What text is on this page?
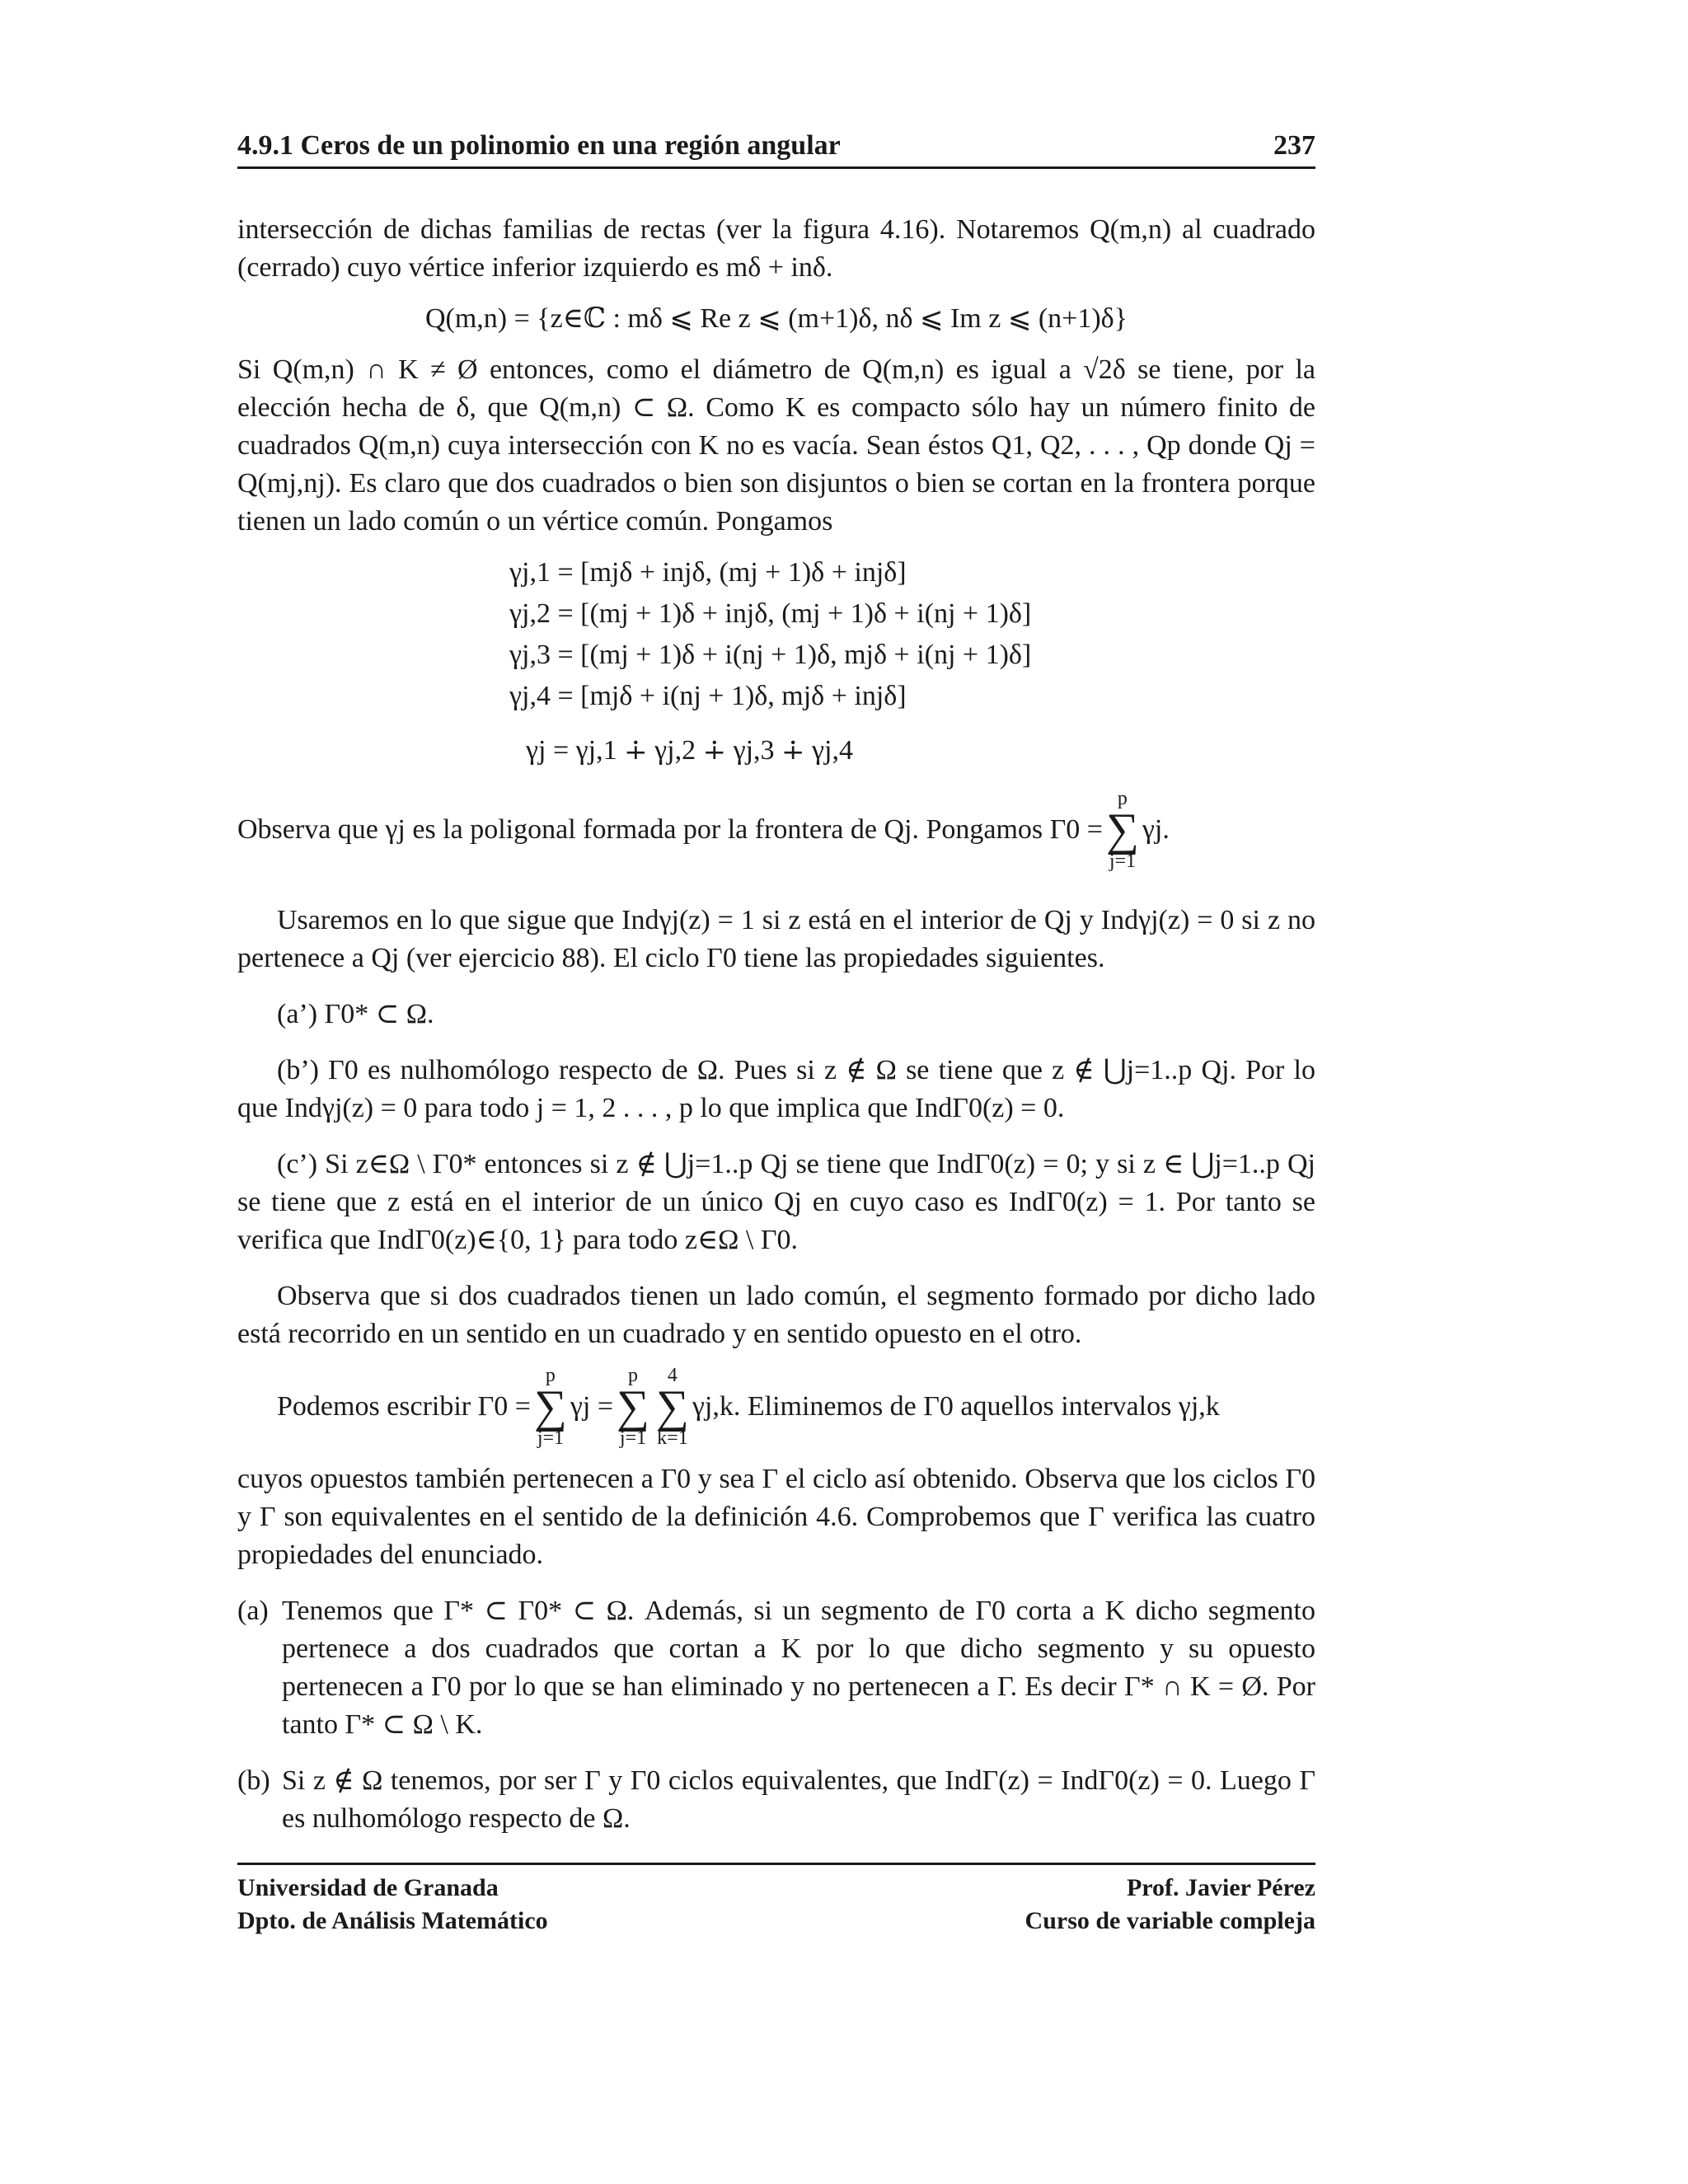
4.9.1 Ceros de un polinomio en una región angular	237

intersección de dichas familias de rectas (ver la figura 4.16). Notaremos Q(m,n) al cuadrado (cerrado) cuyo vértice inferior izquierdo es mδ + inδ.

Q(m,n) = {z∈ℂ : mδ ⩽ Re z ⩽ (m+1)δ, nδ ⩽ Im z ⩽ (n+1)δ}

Si Q(m,n) ∩ K ≠ Ø entonces, como el diámetro de Q(m,n) es igual a √2δ se tiene, por la elección hecha de δ, que Q(m,n) ⊂ Ω. Como K es compacto sólo hay un número finito de cuadrados Q(m,n) cuya intersección con K no es vacía. Sean éstos Q1, Q2, . . . , Qp donde Qj = Q(mj,nj). Es claro que dos cuadrados o bien son disjuntos o bien se cortan en la frontera porque tienen un lado común o un vértice común. Pongamos

γj,1 = [mjδ + injδ, (mj + 1)δ + injδ]
γj,2 = [(mj + 1)δ + injδ, (mj + 1)δ + i(nj + 1)δ]
γj,3 = [(mj + 1)δ + i(nj + 1)δ, mjδ + i(nj + 1)δ]
γj,4 = [mjδ + i(nj + 1)δ, mjδ + injδ]
γj = γj,1 ∔ γj,2 ∔ γj,3 ∔ γj,4
Observa que γj es la poligonal formada por la frontera de Qj. Pongamos Γ0 =
p
∑
j=1
γj.

Usaremos en lo que sigue que Indγj(z) = 1 si z está en el interior de Qj y Indγj(z) = 0 si z no pertenece a Qj (ver ejercicio 88). El ciclo Γ0 tiene las propiedades siguientes.

(a’) Γ0* ⊂ Ω.

(b’) Γ0 es nulhomólogo respecto de Ω. Pues si z ∉ Ω se tiene que z ∉ ⋃j=1..p Qj. Por lo que Indγj(z) = 0 para todo j = 1, 2 . . . , p lo que implica que IndΓ0(z) = 0.

(c’) Si z∈Ω \ Γ0* entonces si z ∉ ⋃j=1..p Qj se tiene que IndΓ0(z) = 0; y si z ∈ ⋃j=1..p Qj se tiene que z está en el interior de un único Qj en cuyo caso es IndΓ0(z) = 1. Por tanto se verifica que IndΓ0(z)∈{0, 1} para todo z∈Ω \ Γ0.

Observa que si dos cuadrados tienen un lado común, el segmento formado por dicho lado está recorrido en un sentido en un cuadrado y en sentido opuesto en el otro.

Podemos escribir Γ0 =
p
∑
j=1
γj =
p
∑
j=1
4
∑
k=1
γj,k. Eliminemos de Γ0 aquellos intervalos γj,k

cuyos opuestos también pertenecen a Γ0 y sea Γ el ciclo así obtenido. Observa que los ciclos Γ0 y Γ son equivalentes en el sentido de la definición 4.6. Comprobemos que Γ verifica las cuatro propiedades del enunciado.

(a) Tenemos que Γ* ⊂ Γ0* ⊂ Ω. Además, si un segmento de Γ0 corta a K dicho segmento pertenece a dos cuadrados que cortan a K por lo que dicho segmento y su opuesto pertenecen a Γ0 por lo que se han eliminado y no pertenecen a Γ. Es decir Γ* ∩ K = Ø. Por tanto Γ* ⊂ Ω \ K.
(b) Si z ∉ Ω tenemos, por ser Γ y Γ0 ciclos equivalentes, que IndΓ(z) = IndΓ0(z) = 0. Luego Γ es nulhomólogo respecto de Ω.
Universidad de Granada
Dpto. de Análisis Matemático
Prof. Javier Pérez
Curso de variable compleja
